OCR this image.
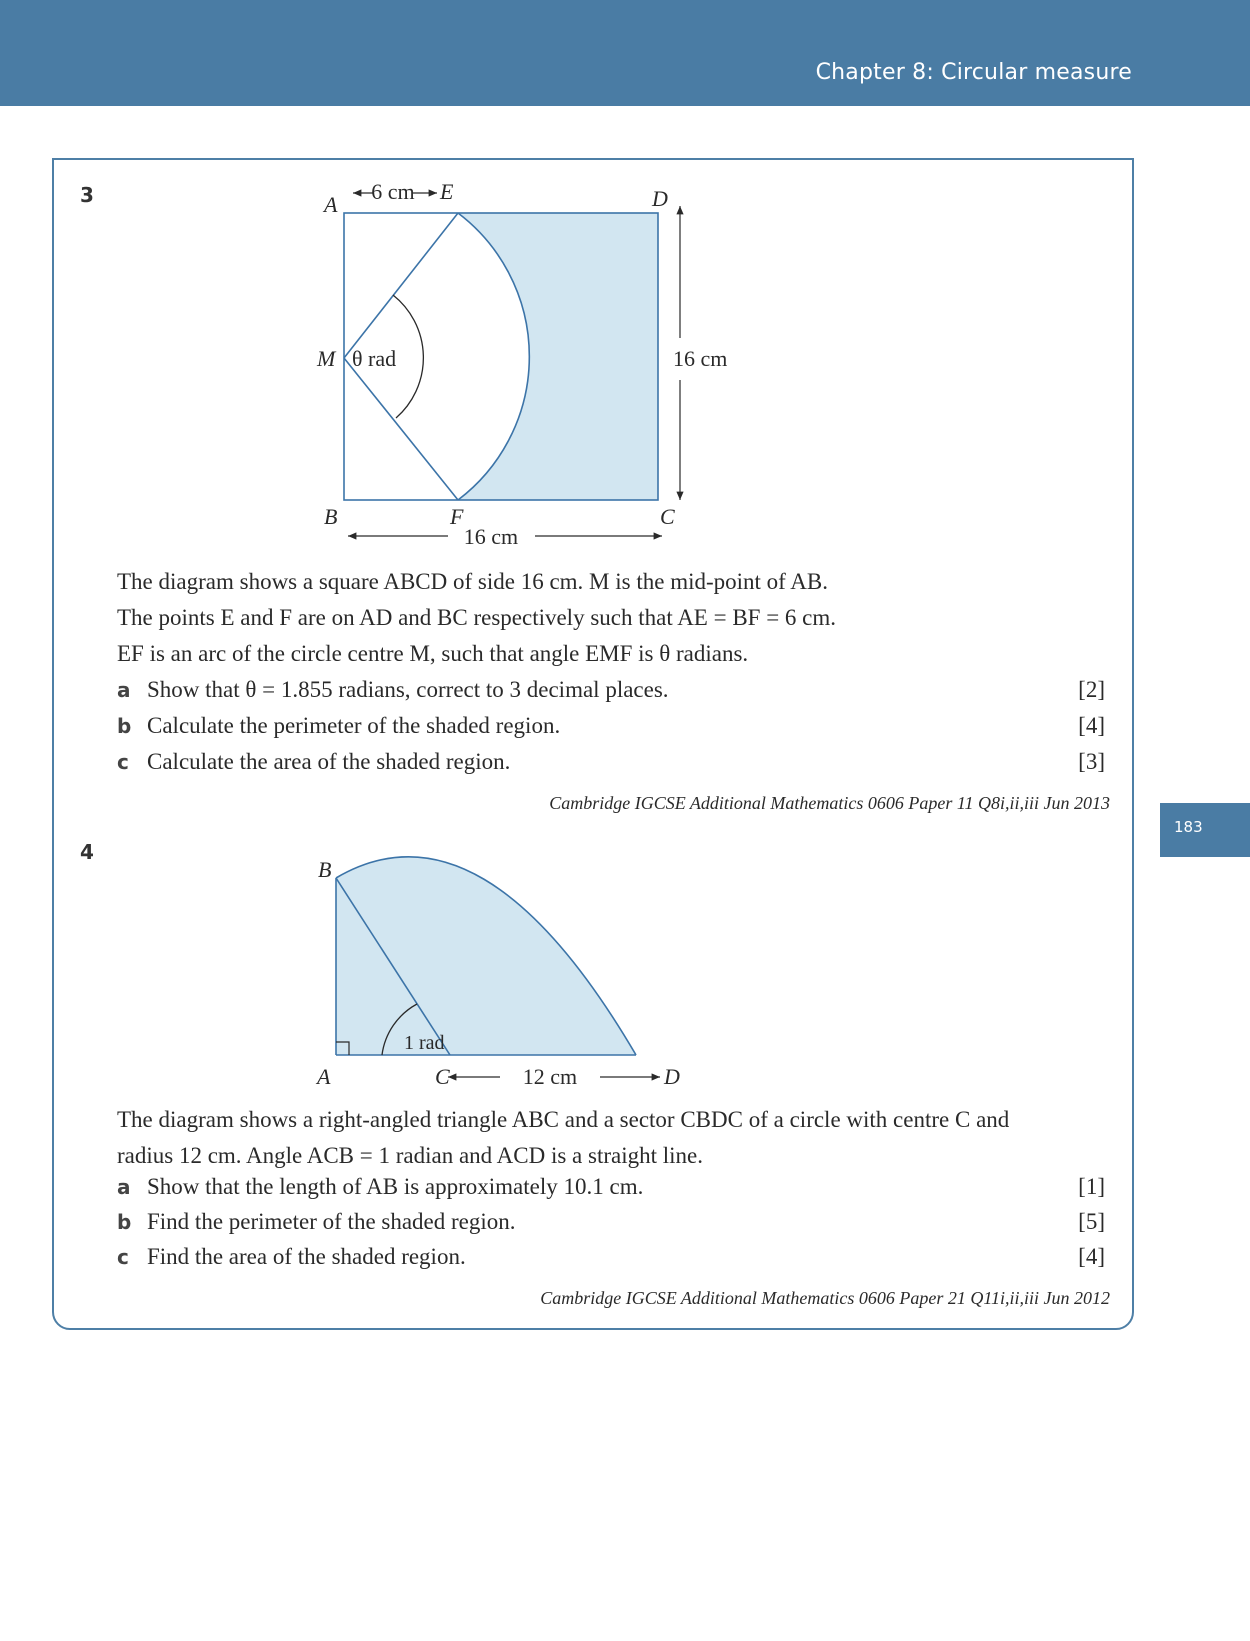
Chapter 8: Circular measure
183
3	A
6 cm E	D
M θ rad	16 cm
B	F	C
16 cm
The diagram shows a square ABCD of side 16 cm. M is the mid-point of AB.
The points E and F are on AD and BC respectively such that AE = BF = 6 cm.
EF is an arc of the circle centre M, such that angle EMF is θ radians.
a Show that θ = 1.855 radians, correct to 3 decimal places.	[2]
b Calculate the perimeter of the shaded region.	[4]
c Calculate the area of the shaded region.	[3]
Cambridge IGCSE Additional Mathematics 0606 Paper 11 Q8i,ii,iii Jun 2013
4
B
1 rad
A	C	12 cm	D
The diagram shows a right-angled triangle ABC and a sector CBDC of a circle with centre C and
radius 12 cm. Angle ACB = 1 radian and ACD is a straight line.
a Show that the length of AB is approximately 10.1 cm.	[1]
b Find the perimeter of the shaded region.	[5]
c Find the area of the shaded region.	[4]
Cambridge IGCSE Additional Mathematics 0606 Paper 21 Q11i,ii,iii Jun 2012
